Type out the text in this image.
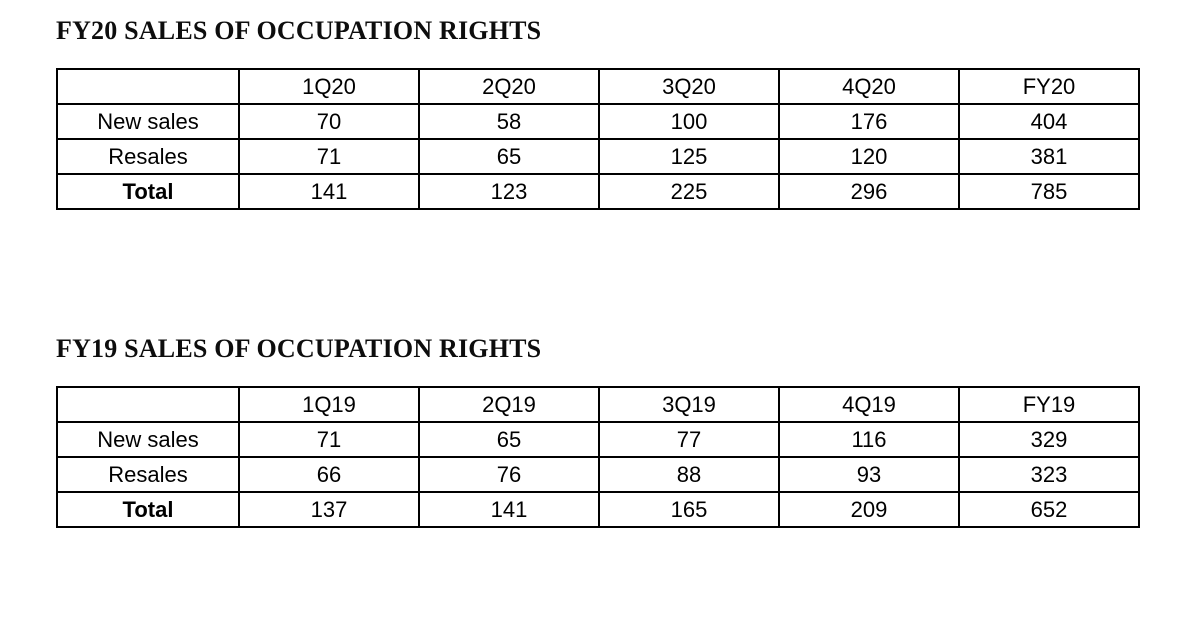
FY20 SALES OF OCCUPATION RIGHTS
	1Q20	2Q20	3Q20	4Q20	FY20
New sales	70	58	100	176	404
Resales	71	65	125	120	381
Total	141	123	225	296	785
FY19 SALES OF OCCUPATION RIGHTS
	1Q19	2Q19	3Q19	4Q19	FY19
New sales	71	65	77	116	329
Resales	66	76	88	93	323
Total	137	141	165	209	652
